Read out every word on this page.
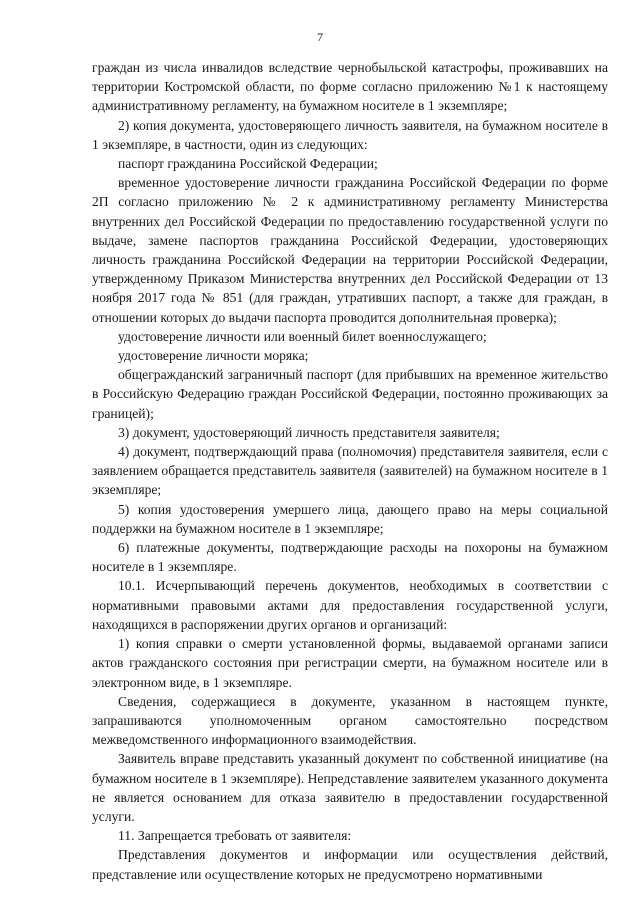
7

граждан из числа инвалидов вследствие чернобыльской катастрофы, проживавших на территории Костромской области, по форме согласно приложению №1 к настоящему административному регламенту, на бумажном носителе в 1 экземпляре;

2) копия документа, удостоверяющего личность заявителя, на бумажном носителе в 1 экземпляре, в частности, один из следующих:

паспорт гражданина Российской Федерации;

временное удостоверение личности гражданина Российской Федерации по форме 2П согласно приложению № 2 к административному регламенту Министерства внутренних дел Российской Федерации по предоставлению государственной услуги по выдаче, замене паспортов гражданина Российской Федерации, удостоверяющих личность гражданина Российской Федерации на территории Российской Федерации, утвержденному Приказом Министерства внутренних дел Российской Федерации от 13 ноября 2017 года № 851 (для граждан, утративших паспорт, а также для граждан, в отношении которых до выдачи паспорта проводится дополнительная проверка);

удостоверение личности или военный билет военнослужащего;

удостоверение личности моряка;

общегражданский заграничный паспорт (для прибывших на временное жительство в Российскую Федерацию граждан Российской Федерации, постоянно проживающих за границей);

3) документ, удостоверяющий личность представителя заявителя;

4) документ, подтверждающий права (полномочия) представителя заявителя, если с заявлением обращается представитель заявителя (заявителей) на бумажном носителе в 1 экземпляре;

5) копия удостоверения умершего лица, дающего право на меры социальной поддержки на бумажном носителе в 1 экземпляре;

6) платежные документы, подтверждающие расходы на похороны на бумажном носителе в 1 экземпляре.

10.1. Исчерпывающий перечень документов, необходимых в соответствии с нормативными правовыми актами для предоставления государственной услуги, находящихся в распоряжении других органов и организаций:

1) копия справки о смерти установленной формы, выдаваемой органами записи актов гражданского состояния при регистрации смерти, на бумажном носителе или в электронном виде, в 1 экземпляре.

Сведения, содержащиеся в документе, указанном в настоящем пункте, запрашиваются уполномоченным органом самостоятельно посредством межведомственного информационного взаимодействия.

Заявитель вправе представить указанный документ по собственной инициативе (на бумажном носителе в 1 экземпляре). Непредставление заявителем указанного документа не является основанием для отказа заявителю в предоставлении государственной услуги.

11. Запрещается требовать от заявителя:

Представления документов и информации или осуществления действий, представление или осуществление которых не предусмотрено нормативными
